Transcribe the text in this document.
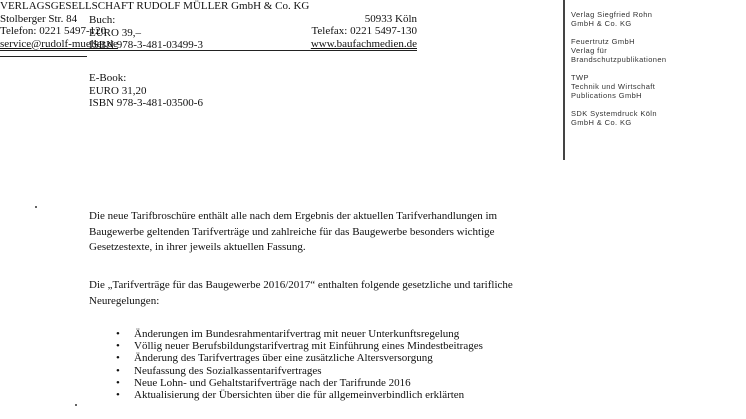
Buch:
EURO 39,–
ISBN 978-3-481-03499-3
E-Book:
EURO 31,20
ISBN 978-3-481-03500-6
VERLAGSGESELLSCHAFT RUDOLF MÜLLER GmbH & Co. KG
Stolberger Str. 84	50933 Köln
Telefon: 0221 5497-120	Telefax: 0221 5497-130
service@rudolf-mueller.de	www.baufachmedien.de

Die neue Tarifbroschüre enthält alle nach dem Ergebnis der aktuellen Tarifverhandlungen im Baugewerbe geltenden Tarifverträge und zahlreiche für das Baugewerbe besonders wichtige Gesetzestexte, in ihrer jeweils aktuellen Fassung.

Die „Tarifverträge für das Baugewerbe 2016/2017“ enthalten folgende gesetzliche und tarifliche Neuregelungen:

• Änderungen im Bundesrahmentarifvertrag mit neuer Unterkunftsregelung
• Völlig neuer Berufsbildungstarifvertrag mit Einführung eines Mindestbeitrages
• Änderung des Tarifvertrages über eine zusätzliche Altersversorgung
• Neufassung des Sozialkassentarifvertrages
• Neue Lohn- und Gehaltstarifverträge nach der Tarifrunde 2016
• Aktualisierung der Übersichten über die für allgemeinverbindlich erklärten
Verlag Siegfried Rohn
GmbH & Co. KG
Feuertrutz GmbH
Verlag für
Brandschutzpublikationen
TWP
Technik und Wirtschaft
Publications GmbH
SDK Systemdruck Köln
GmbH & Co. KG
